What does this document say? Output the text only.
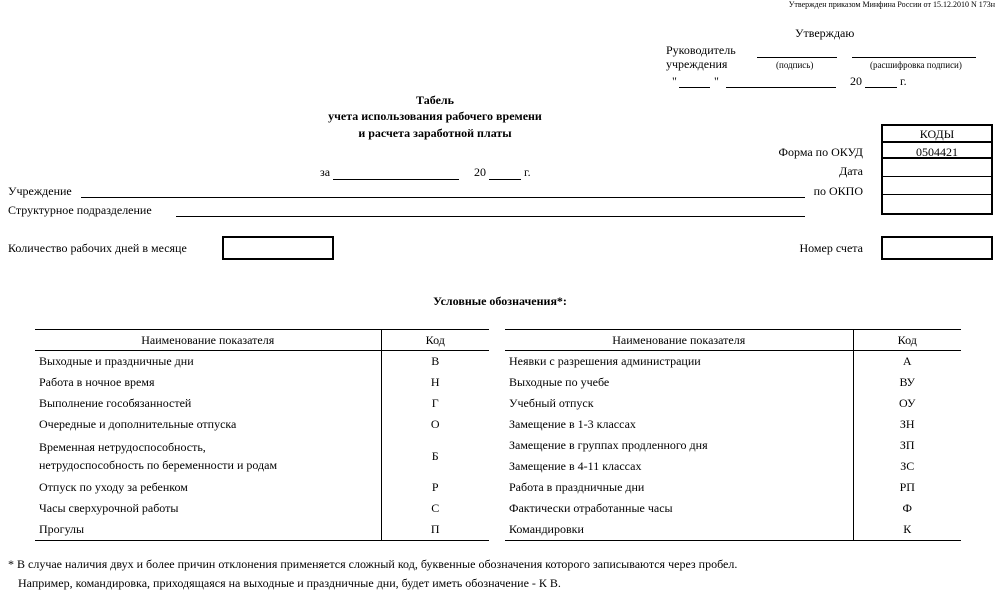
Утвержден приказом Минфина России от 15.12.2010 N 173н
Утверждаю
Руководитель
учреждения	(подпись)	(расшифровка подписи)
"	"	20	г.
Табель
учета использования рабочего времени
и расчета заработной платы	КОДЫ
0504421
Форма по ОКУД
Дата
по ОКПО
за	20	г.
Учреждение
Структурное подразделение
Количество рабочих дней в месяце	Номер счета
Условные обозначения*:
Наименование показателя	Код
Выходные и праздничные дни	В
Работа в ночное время	Н
Выполнение гособязанностей	Г
Очередные и дополнительные отпуска	О

Временная нетрудоспособность,
нетрудоспособность по беременности и родам	Б
Отпуск по уходу за ребенком	Р
Часы сверхурочной работы	С
Прогулы	П
Наименование показателя	Код
Неявки с разрешения администрации	А
Выходные по учебе	ВУ
Учебный отпуск	ОУ
Замещение в 1-3 классах	ЗН
Замещение в группах продленного дня	ЗП
Замещение в 4-11 классах	ЗС
Работа в праздничные дни	РП
Фактически отработанные часы	Ф
Командировки	К
* В случае наличия двух и более причин отклонения применяется сложный код, буквенные обозначения которого записываются через пробел.
Например, командировка, приходящаяся на выходные и праздничные дни, будет иметь обозначение - К В.
